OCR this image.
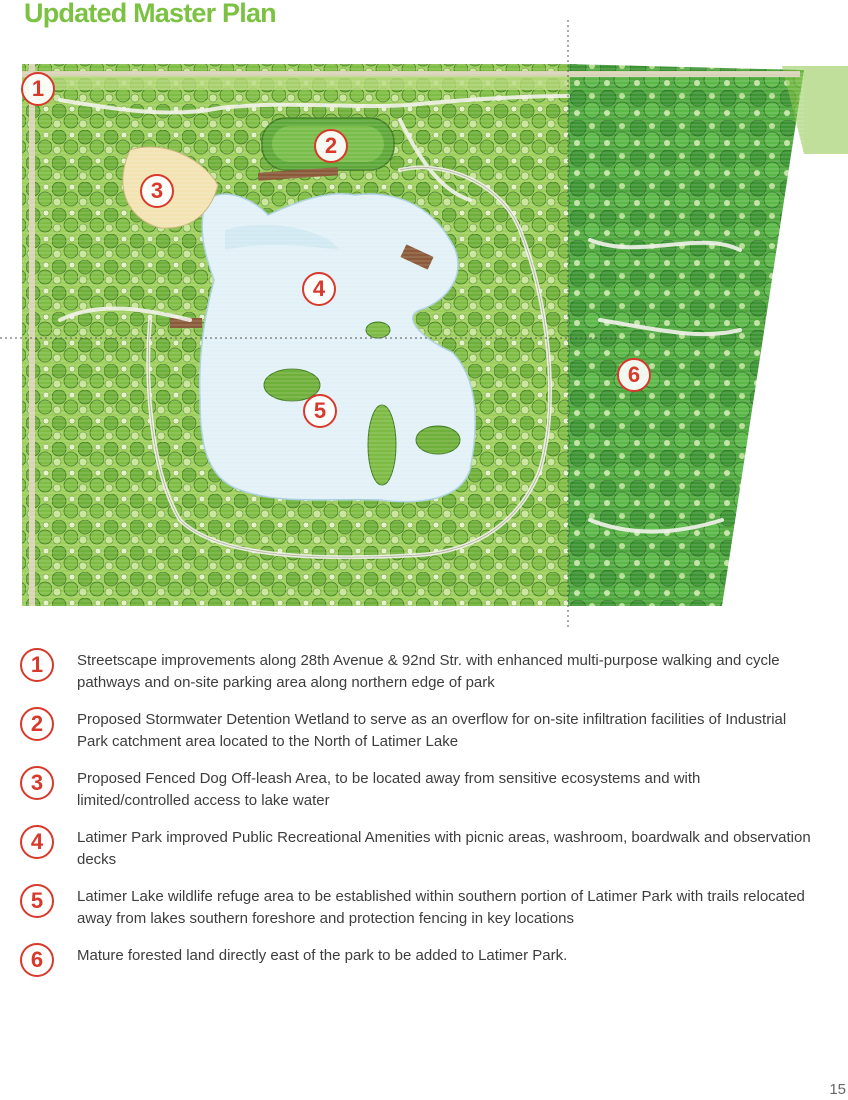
Updated Master Plan
1
2
3
4
5
6
1	Streetscape improvements along 28th Avenue & 92nd Str. with enhanced multi-purpose walking and cycle pathways and on-site parking area along northern edge of park
2	Proposed Stormwater Detention Wetland to serve as an overflow for on-site infiltration facilities of Industrial Park catchment area located to the North of Latimer Lake
3	Proposed Fenced Dog Off-leash Area, to be located away from sensitive ecosystems and with limited/controlled access to lake water
4	Latimer Park improved Public Recreational Amenities with picnic areas, washroom, boardwalk and observation decks
5	Latimer Lake wildlife refuge area to be established within southern portion of Latimer Park with trails relocated away from lakes southern foreshore and protection fencing in key locations
6	Mature forested land directly east of the park to be added to Latimer Park.
15
